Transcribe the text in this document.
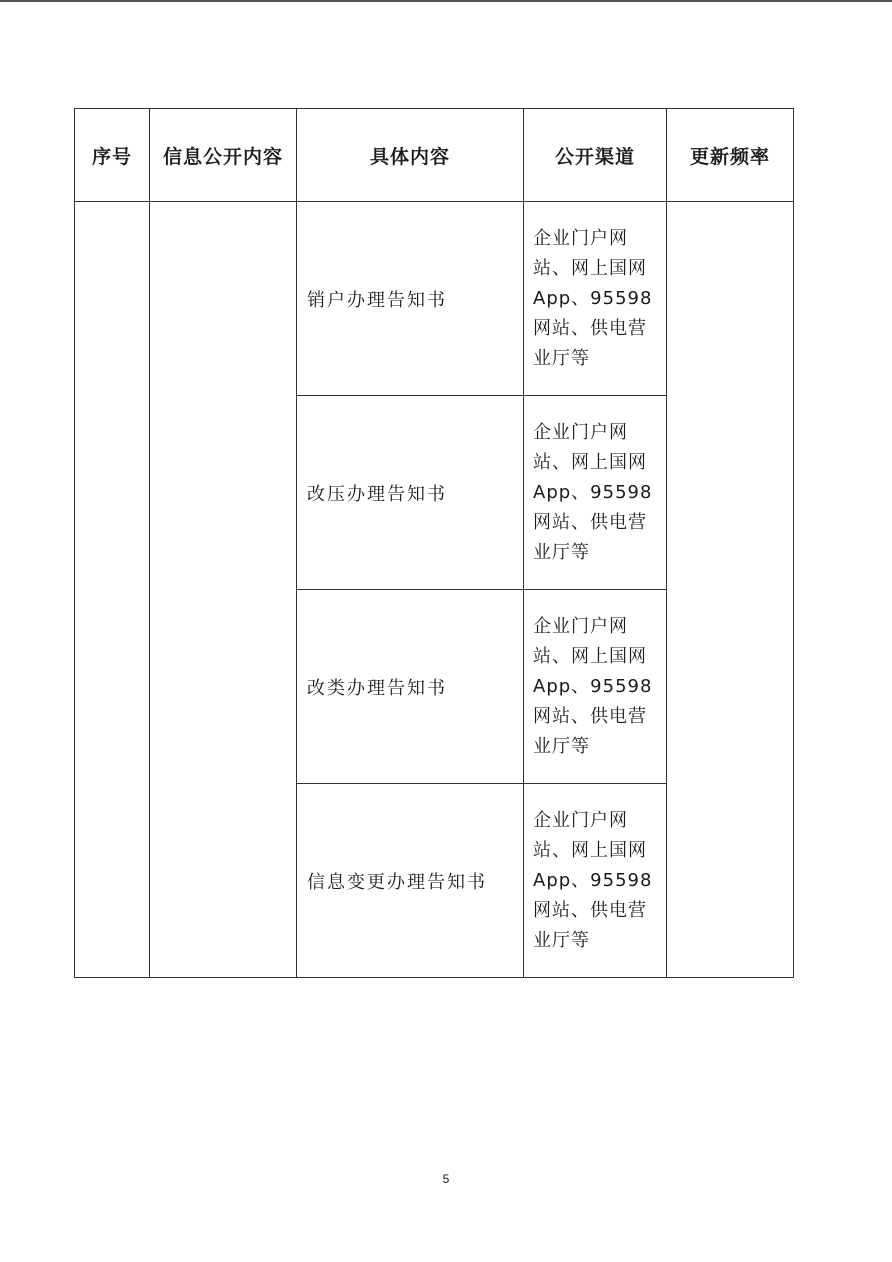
序号	信息公开内容	具体内容	公开渠道	更新频率
		销户办理告知书	企业门户网站、网上国网App、95598网站、供电营业厅等	
		改压办理告知书	企业门户网站、网上国网App、95598网站、供电营业厅等	
		改类办理告知书	企业门户网站、网上国网App、95598网站、供电营业厅等	
		信息变更办理告知书	企业门户网站、网上国网App、95598网站、供电营业厅等	
5
